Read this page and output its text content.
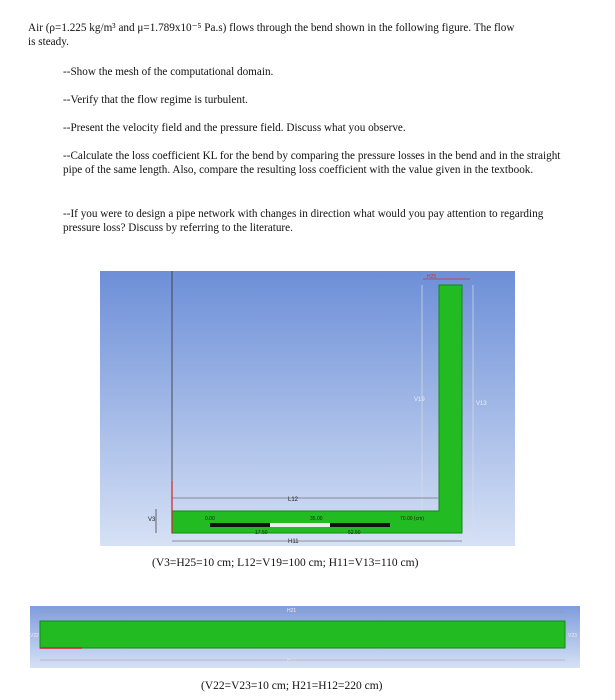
Air (ρ=1.225 kg/m³ and μ=1.789x10⁻⁵ Pa.s) flows through the bend shown in the following figure. The flow
is steady.
--Show the mesh of the computational domain.
--Verify that the flow regime is turbulent.
--Present the velocity field and the pressure field. Discuss what you observe.
--Calculate the loss coefficient KL for the bend by comparing the pressure losses in the bend and in the straight pipe of the same length. Also, compare the resulting loss coefficient with the value given in the textbook.
--If you were to design a pipe network with changes in direction what would you pay attention to regarding pressure loss? Discuss by referring to the literature.
L12
H25
V3
V19
V13
H11
0.00
17.50
35.00
52.50
70.00 (cm)
(V3=H25=10 cm; L12=V19=100 cm; H11=V13=110 cm)
H21
H12
V22	V23
(V22=V23=10 cm; H21=H12=220 cm)
